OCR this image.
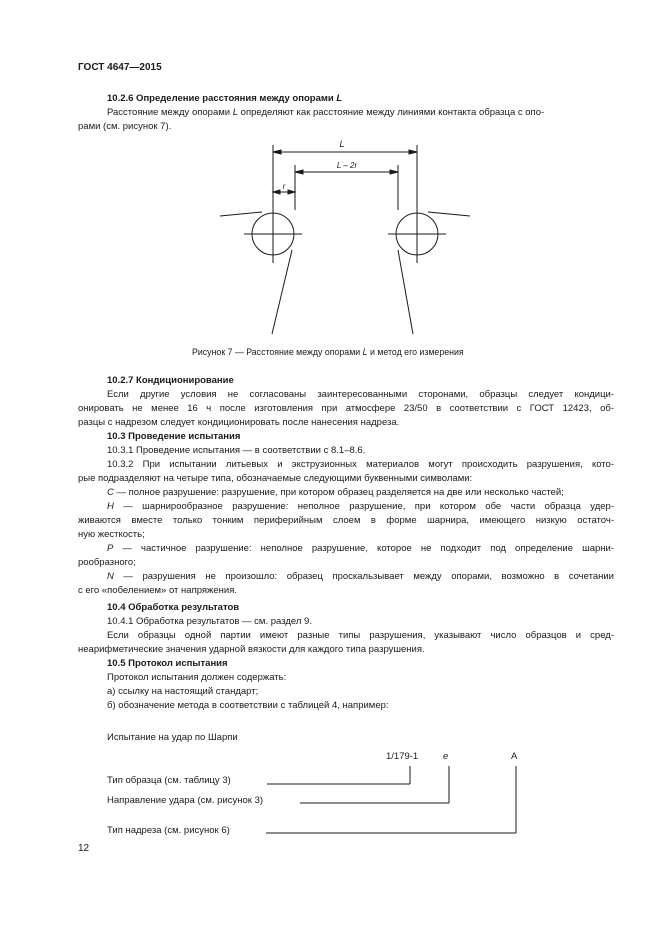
ГОСТ 4647—2015
10.2.6 Определение расстояния между опорами L
Расстояние между опорами L определяют как расстояние между линиями контакта образца с опо-
рами (см. рисунок 7).
L
L – 2r
r
Рисунок 7 — Расстояние между опорами L и метод его измерения
10.2.7 Кондиционирование
Если другие условия не согласованы заинтересованными сторонами, образцы следует кондици-
онировать не менее 16 ч после изготовления при атмосфере 23/50 в соответствии с ГОСТ 12423, об-
разцы с надрезом следует кондиционировать после нанесения надреза.
10.3 Проведение испытания
10.3.1 Проведение испытания — в соответствии с 8.1–8.6.
10.3.2 При испытании литьевых и экструзионных материалов могут происходить разрушения, кото-
рые подразделяют на четыре типа, обозначаемые следующими буквенными символами:
C — полное разрушение: разрушение, при котором образец разделяется на две или несколько частей;
H — шарнирообразное разрушение: неполное разрушение, при котором обе части образца удер-
живаются вместе только тонким периферийным слоем в форме шарнира, имеющего низкую остаточ-
ную жесткость;
P — частичное разрушение: неполное разрушение, которое не подходит под определение шарни-
рообразного;
N — разрушения не произошло: образец проскальзывает между опорами, возможно в сочетании
с его «побелением» от напряжения.
10.4 Обработка результатов
10.4.1 Обработка результатов — см. раздел 9.
Если образцы одной партии имеют разные типы разрушения, указывают число образцов и сред-
неарифметические значения ударной вязкости для каждого типа разрушения.
10.5 Протокол испытания
Протокол испытания должен содержать:
а) ссылку на настоящий стандарт;
б) обозначение метода в соответствии с таблицей 4, например:
Испытание на удар по Шарпи
1/179-1	e	A
Тип образца (см. таблицу 3)
Направление удара (см. рисунок 3)
Тип надреза (см. рисунок 6)
12
